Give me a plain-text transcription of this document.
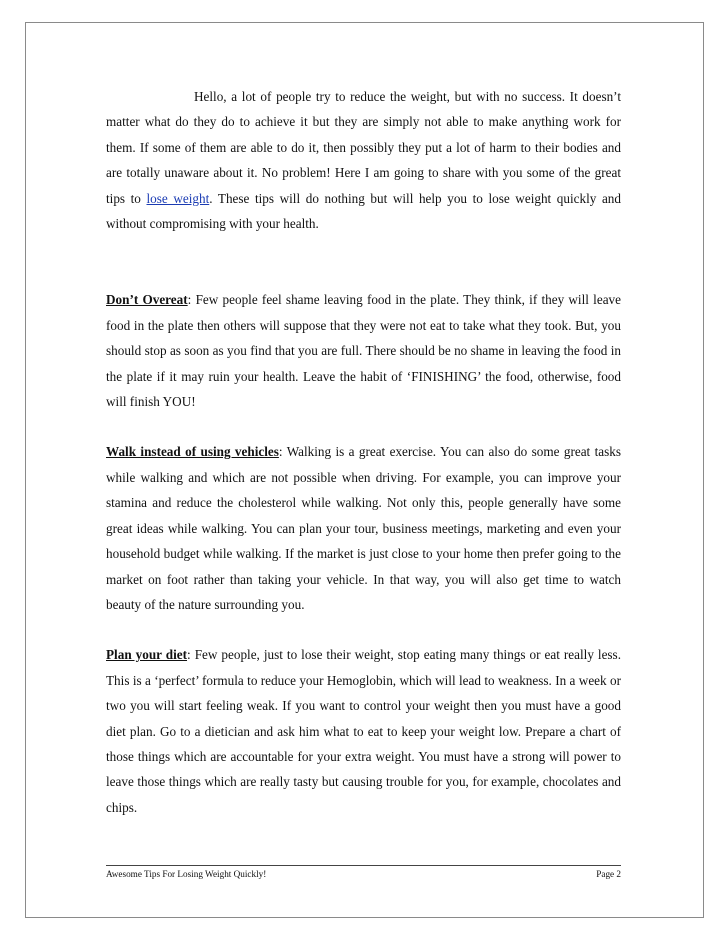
Hello, a lot of people try to reduce the weight, but with no success. It doesn’t matter what do they do to achieve it but they are simply not able to make anything work for them. If some of them are able to do it, then possibly they put a lot of harm to their bodies and are totally unaware about it. No problem! Here I am going to share with you some of the great tips to lose weight. These tips will do nothing but will help you to lose weight quickly and without compromising with your health.

Don’t Overeat: Few people feel shame leaving food in the plate. They think, if they will leave food in the plate then others will suppose that they were not eat to take what they took. But, you should stop as soon as you find that you are full. There should be no shame in leaving the food in the plate if it may ruin your health. Leave the habit of ‘FINISHING’ the food, otherwise, food will finish YOU!

Walk instead of using vehicles: Walking is a great exercise. You can also do some great tasks while walking and which are not possible when driving. For example, you can improve your stamina and reduce the cholesterol while walking. Not only this, people generally have some great ideas while walking. You can plan your tour, business meetings, marketing and even your household budget while walking. If the market is just close to your home then prefer going to the market on foot rather than taking your vehicle. In that way, you will also get time to watch beauty of the nature surrounding you.

Plan your diet: Few people, just to lose their weight, stop eating many things or eat really less. This is a ‘perfect’ formula to reduce your Hemoglobin, which will lead to weakness. In a week or two you will start feeling weak. If you want to control your weight then you must have a good diet plan. Go to a dietician and ask him what to eat to keep your weight low. Prepare a chart of those things which are accountable for your extra weight. You must have a strong will power to leave those things which are really tasty but causing trouble for you, for example, chocolates and chips.

Awesome Tips For Losing Weight Quickly!	Page 2
